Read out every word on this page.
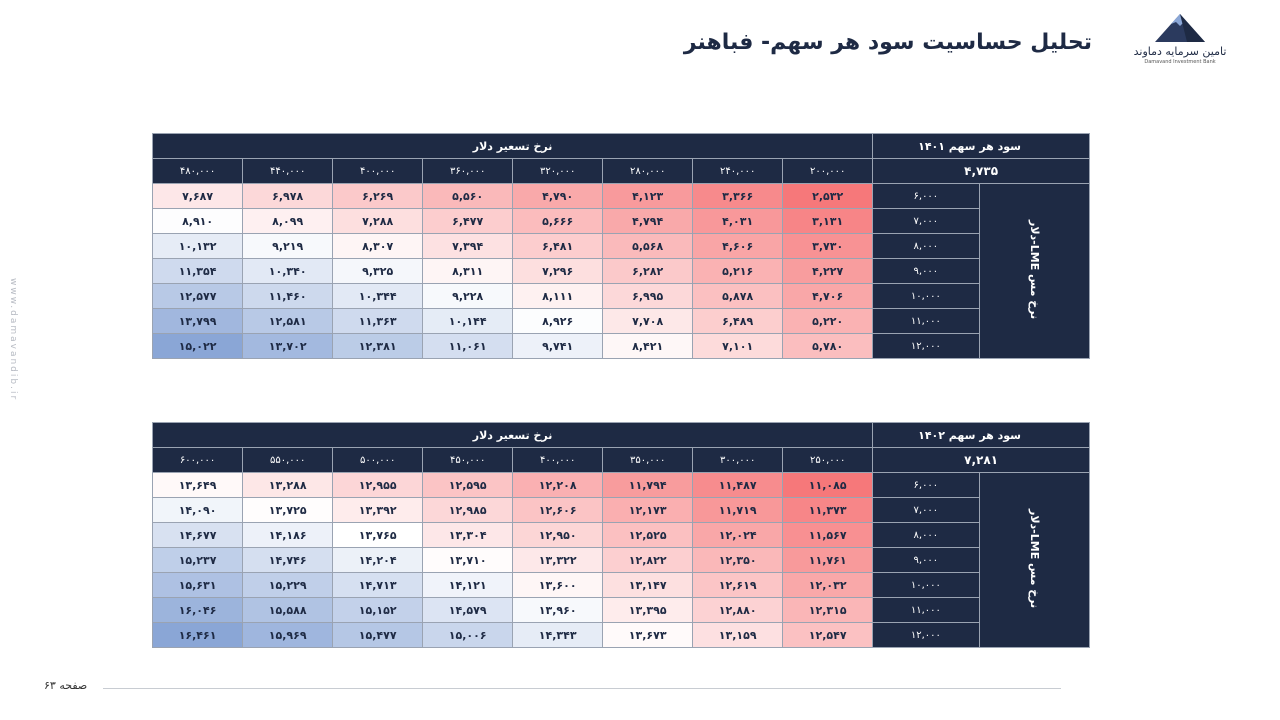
تحلیل حساسیت سود هر سهم- فباهنر	تامین سرمایه دماوند
Damavand Investment Bank
www.damavandib.ir
سود هر سهم ۱۴۰۱		نرخ تسعیر دلار							
۴,۷۳۵		۲۰۰,۰۰۰	۲۴۰,۰۰۰	۲۸۰,۰۰۰	۳۲۰,۰۰۰	۳۶۰,۰۰۰	۴۰۰,۰۰۰	۴۴۰,۰۰۰	۴۸۰,۰۰۰
نرخ مس LME-دلار	۶,۰۰۰	۲,۵۳۲	۳,۳۶۶	۴,۱۲۳	۴,۷۹۰	۵,۵۶۰	۶,۲۶۹	۶,۹۷۸	۷,۶۸۷
	۷,۰۰۰	۳,۱۳۱	۴,۰۳۱	۴,۷۹۴	۵,۶۶۶	۶,۴۷۷	۷,۲۸۸	۸,۰۹۹	۸,۹۱۰
	۸,۰۰۰	۳,۷۳۰	۴,۶۰۶	۵,۵۶۸	۶,۴۸۱	۷,۳۹۴	۸,۳۰۷	۹,۲۱۹	۱۰,۱۳۲
	۹,۰۰۰	۴,۲۲۷	۵,۲۱۶	۶,۲۸۲	۷,۲۹۶	۸,۳۱۱	۹,۳۲۵	۱۰,۳۴۰	۱۱,۳۵۴
	۱۰,۰۰۰	۴,۷۰۶	۵,۸۷۸	۶,۹۹۵	۸,۱۱۱	۹,۲۲۸	۱۰,۳۴۴	۱۱,۴۶۰	۱۲,۵۷۷
	۱۱,۰۰۰	۵,۲۲۰	۶,۴۸۹	۷,۷۰۸	۸,۹۲۶	۱۰,۱۴۴	۱۱,۳۶۳	۱۲,۵۸۱	۱۳,۷۹۹
	۱۲,۰۰۰	۵,۷۸۰	۷,۱۰۱	۸,۴۲۱	۹,۷۴۱	۱۱,۰۶۱	۱۲,۳۸۱	۱۳,۷۰۲	۱۵,۰۲۲
سود هر سهم ۱۴۰۲		نرخ تسعیر دلار							
۷,۲۸۱		۲۵۰,۰۰۰	۳۰۰,۰۰۰	۳۵۰,۰۰۰	۴۰۰,۰۰۰	۴۵۰,۰۰۰	۵۰۰,۰۰۰	۵۵۰,۰۰۰	۶۰۰,۰۰۰
نرخ مس LME-دلار	۶,۰۰۰	۱۱,۰۸۵	۱۱,۴۸۷	۱۱,۷۹۴	۱۲,۲۰۸	۱۲,۵۹۵	۱۲,۹۵۵	۱۳,۲۸۸	۱۳,۶۴۹
	۷,۰۰۰	۱۱,۳۷۳	۱۱,۷۱۹	۱۲,۱۷۳	۱۲,۶۰۶	۱۲,۹۸۵	۱۳,۳۹۲	۱۳,۷۲۵	۱۴,۰۹۰
	۸,۰۰۰	۱۱,۵۶۷	۱۲,۰۲۴	۱۲,۵۲۵	۱۲,۹۵۰	۱۳,۳۰۴	۱۳,۷۶۵	۱۴,۱۸۶	۱۴,۶۷۷
	۹,۰۰۰	۱۱,۷۶۱	۱۲,۳۵۰	۱۲,۸۲۲	۱۳,۳۲۲	۱۳,۷۱۰	۱۴,۲۰۴	۱۴,۷۴۶	۱۵,۲۳۷
	۱۰,۰۰۰	۱۲,۰۳۲	۱۲,۶۱۹	۱۳,۱۴۷	۱۳,۶۰۰	۱۴,۱۲۱	۱۴,۷۱۳	۱۵,۲۲۹	۱۵,۶۳۱
	۱۱,۰۰۰	۱۲,۳۱۵	۱۲,۸۸۰	۱۳,۳۹۵	۱۳,۹۶۰	۱۴,۵۷۹	۱۵,۱۵۲	۱۵,۵۸۸	۱۶,۰۴۶
	۱۲,۰۰۰	۱۲,۵۴۷	۱۳,۱۵۹	۱۳,۶۷۳	۱۴,۳۴۳	۱۵,۰۰۶	۱۵,۴۷۷	۱۵,۹۶۹	۱۶,۴۶۱
صفحه ۶۳
